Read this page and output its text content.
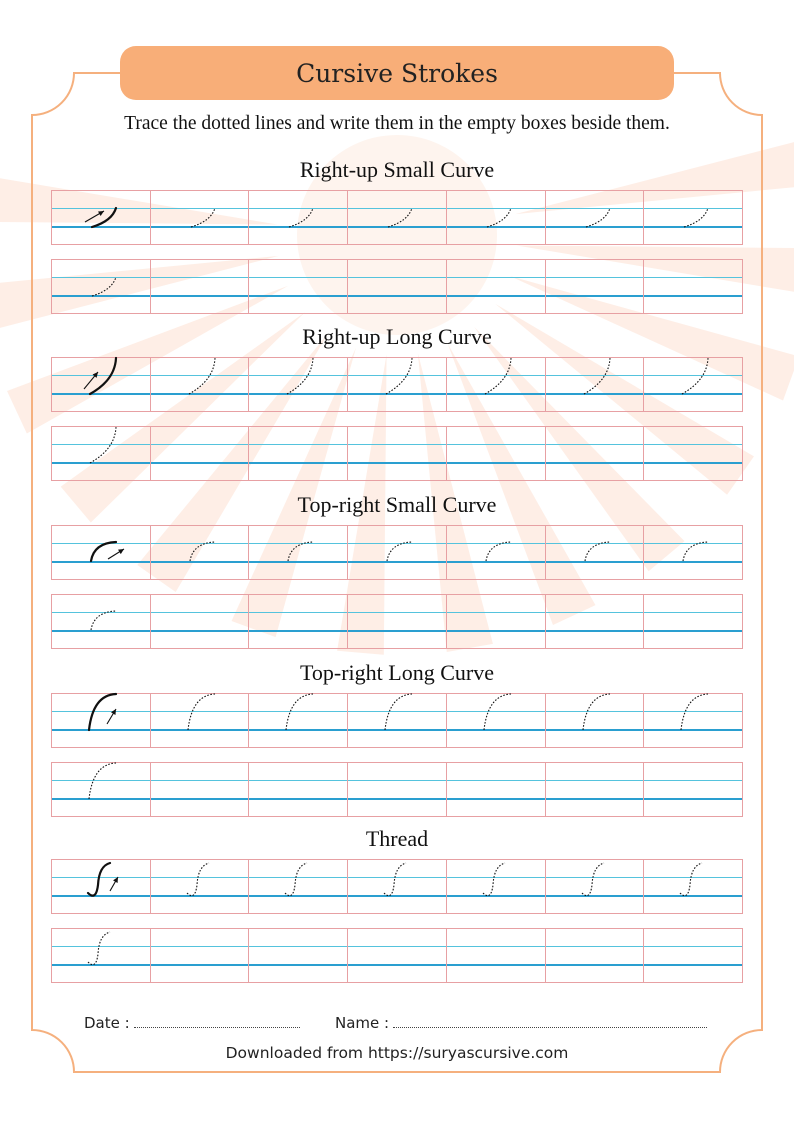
Cursive Strokes
Trace the dotted lines and write them in the empty boxes beside them.
Right-up Small Curve
Right-up Long Curve
Top-right Small Curve
Top-right Long Curve
Thread
Date :	Name :
Downloaded from https://suryascursive.com
